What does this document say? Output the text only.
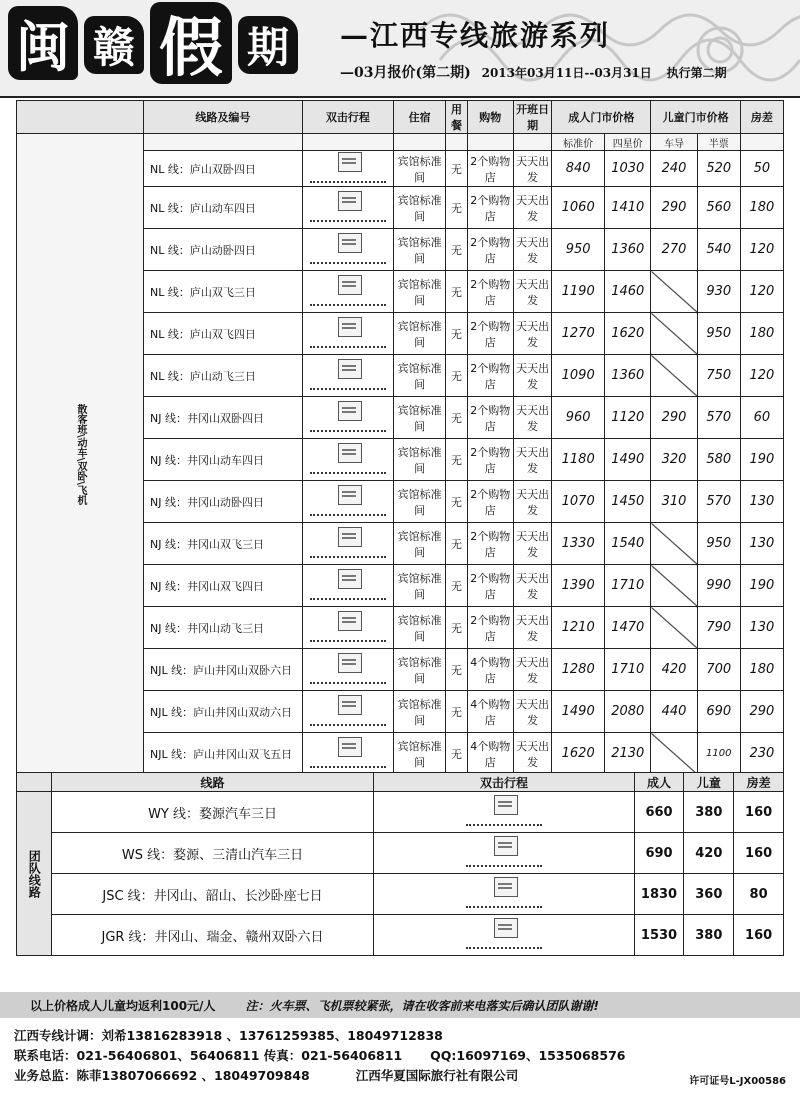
闽 赣 假 期	—江西专线旅游系列
—03月报价(第二期) 2013年03月11日--03月31日 执行第二期
	线路及编号	双击行程	住宿	用餐	购物	开班日期	成人门市价格		儿童门市价格		房差
散客班\动车\双卧\飞机							标准价	四星价	车导	半票	
	NL 线：庐山双卧四日		宾馆标准间	无	2个购物店	天天出发	840	1030	240	520	50
	NL 线：庐山动车四日		宾馆标准间	无	2个购物店	天天出发	1060	1410	290	560	180
	NL 线：庐山动卧四日		宾馆标准间	无	2个购物店	天天出发	950	1360	270	540	120
	NL 线：庐山双飞三日		宾馆标准间	无	2个购物店	天天出发	1190	1460		930	120
	NL 线：庐山双飞四日		宾馆标准间	无	2个购物店	天天出发	1270	1620		950	180
	NL 线：庐山动飞三日		宾馆标准间	无	2个购物店	天天出发	1090	1360		750	120
	NJ 线：井冈山双卧四日		宾馆标准间	无	2个购物店	天天出发	960	1120	290	570	60
	NJ 线：井冈山动车四日		宾馆标准间	无	2个购物店	天天出发	1180	1490	320	580	190
	NJ 线：井冈山动卧四日		宾馆标准间	无	2个购物店	天天出发	1070	1450	310	570	130
	NJ 线：井冈山双飞三日		宾馆标准间	无	2个购物店	天天出发	1330	1540		950	130
	NJ 线：井冈山双飞四日		宾馆标准间	无	2个购物店	天天出发	1390	1710		990	190
	NJ 线：井冈山动飞三日		宾馆标准间	无	2个购物店	天天出发	1210	1470		790	130
	NJL 线：庐山井冈山双卧六日		宾馆标准间	无	4个购物店	天天出发	1280	1710	420	700	180
	NJL 线：庐山井冈山双动六日		宾馆标准间	无	4个购物店	天天出发	1490	2080	440	690	290
	NJL 线：庐山井冈山双飞五日		宾馆标准间	无	4个购物店	天天出发	1620	2130		1100	230
	线路	双击行程	成人	儿童	房差
团队线路	WY 线：婺源汽车三日		660	380	160
	WS 线：婺源、三清山汽车三日		690	420	160
	JSC 线：井冈山、韶山、长沙卧座七日		1830	360	80
	JGR 线：井冈山、瑞金、赣州双卧六日		1530	380	160
以上价格成人儿童均返利100元/人	注：火车票、飞机票较紧张，请在收客前来电落实后确认团队谢谢!
江西专线计调：刘希13816283918 、13761259385、18049712838
联系电话：021-56406801、56406811 传真：021-56406811 QQ:16097169、1535068576
业务总监：陈菲13807066692 、18049709848	江西华夏国际旅行社有限公司	许可证号L-JX00586
